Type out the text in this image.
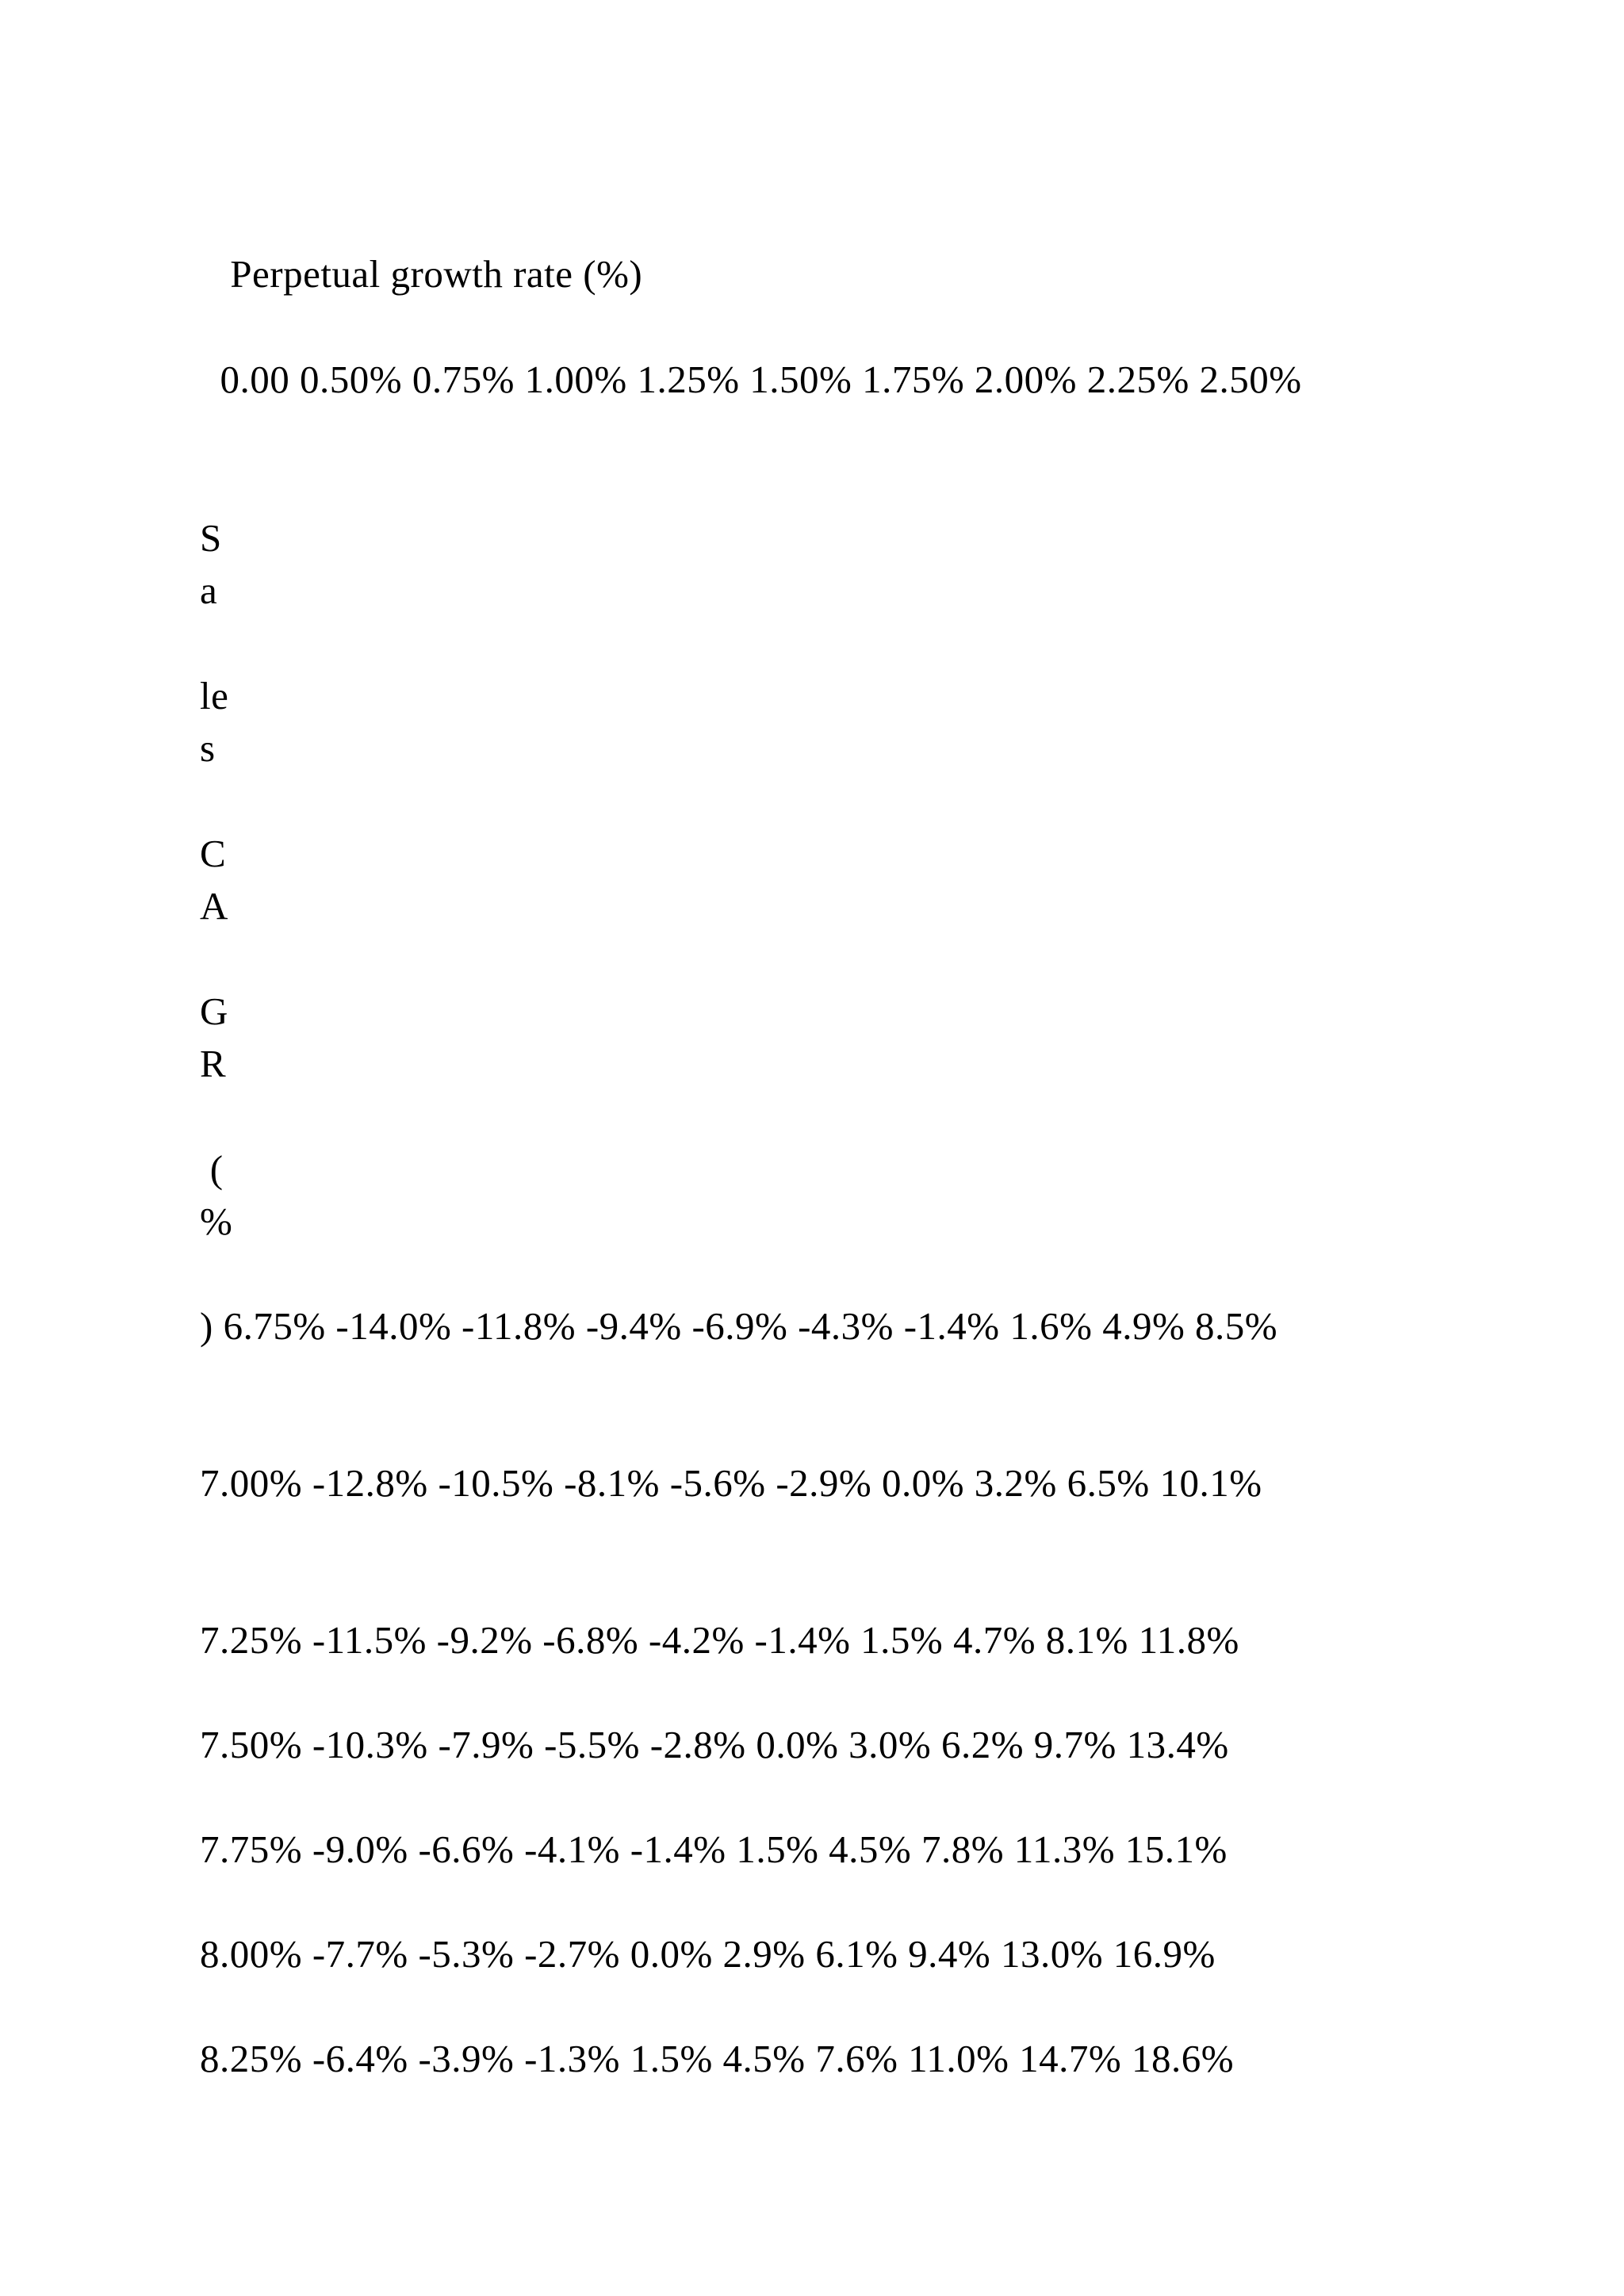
Perpetual growth rate (%)
0.00 0.50% 0.75% 1.00% 1.25% 1.50% 1.75% 2.00% 2.25% 2.50%
S
a
le
s
C
A
G
R
(
%
) 6.75% -14.0% -11.8% -9.4% -6.9% -4.3% -1.4% 1.6% 4.9% 8.5%
7.00% -12.8% -10.5% -8.1% -5.6% -2.9% 0.0% 3.2% 6.5% 10.1%
7.25% -11.5% -9.2% -6.8% -4.2% -1.4% 1.5% 4.7% 8.1% 11.8%
7.50% -10.3% -7.9% -5.5% -2.8% 0.0% 3.0% 6.2% 9.7% 13.4%
7.75% -9.0% -6.6% -4.1% -1.4% 1.5% 4.5% 7.8% 11.3% 15.1%
8.00% -7.7% -5.3% -2.7% 0.0% 2.9% 6.1% 9.4% 13.0% 16.9%
8.25% -6.4% -3.9% -1.3% 1.5% 4.5% 7.6% 11.0% 14.7% 18.6%
